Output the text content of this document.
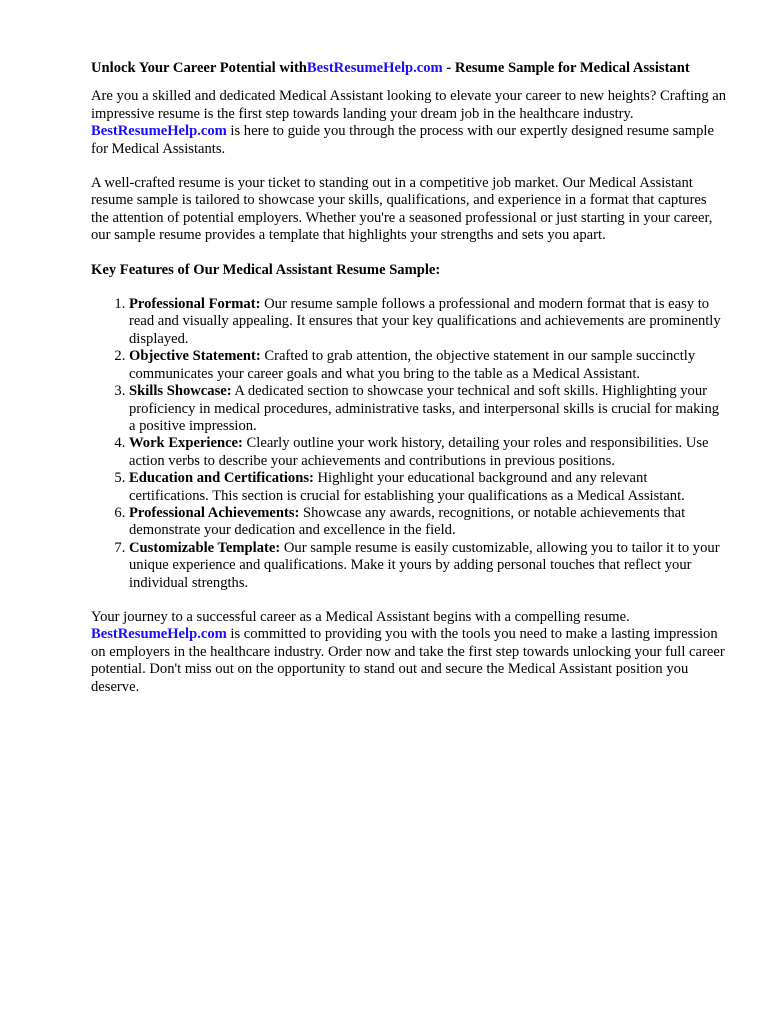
Unlock Your Career Potential withBestResumeHelp.com - Resume Sample for Medical Assistant

Are you a skilled and dedicated Medical Assistant looking to elevate your career to new heights? Crafting an impressive resume is the first step towards landing your dream job in the healthcare industry. BestResumeHelp.com is here to guide you through the process with our expertly designed resume sample for Medical Assistants.

A well-crafted resume is your ticket to standing out in a competitive job market. Our Medical Assistant resume sample is tailored to showcase your skills, qualifications, and experience in a format that captures the attention of potential employers. Whether you're a seasoned professional or just starting in your career, our sample resume provides a template that highlights your strengths and sets you apart.

Key Features of Our Medical Assistant Resume Sample:
1. Professional Format: Our resume sample follows a professional and modern format that is easy to read and visually appealing. It ensures that your key qualifications and achievements are prominently displayed.
2. Objective Statement: Crafted to grab attention, the objective statement in our sample succinctly communicates your career goals and what you bring to the table as a Medical Assistant.
3. Skills Showcase: A dedicated section to showcase your technical and soft skills. Highlighting your proficiency in medical procedures, administrative tasks, and interpersonal skills is crucial for making a positive impression.
4. Work Experience: Clearly outline your work history, detailing your roles and responsibilities. Use action verbs to describe your achievements and contributions in previous positions.
5. Education and Certifications: Highlight your educational background and any relevant certifications. This section is crucial for establishing your qualifications as a Medical Assistant.
6. Professional Achievements: Showcase any awards, recognitions, or notable achievements that demonstrate your dedication and excellence in the field.
7. Customizable Template: Our sample resume is easily customizable, allowing you to tailor it to your unique experience and qualifications. Make it yours by adding personal touches that reflect your individual strengths.

Your journey to a successful career as a Medical Assistant begins with a compelling resume. BestResumeHelp.com is committed to providing you with the tools you need to make a lasting impression on employers in the healthcare industry. Order now and take the first step towards unlocking your full career potential. Don't miss out on the opportunity to stand out and secure the Medical Assistant position you deserve.
